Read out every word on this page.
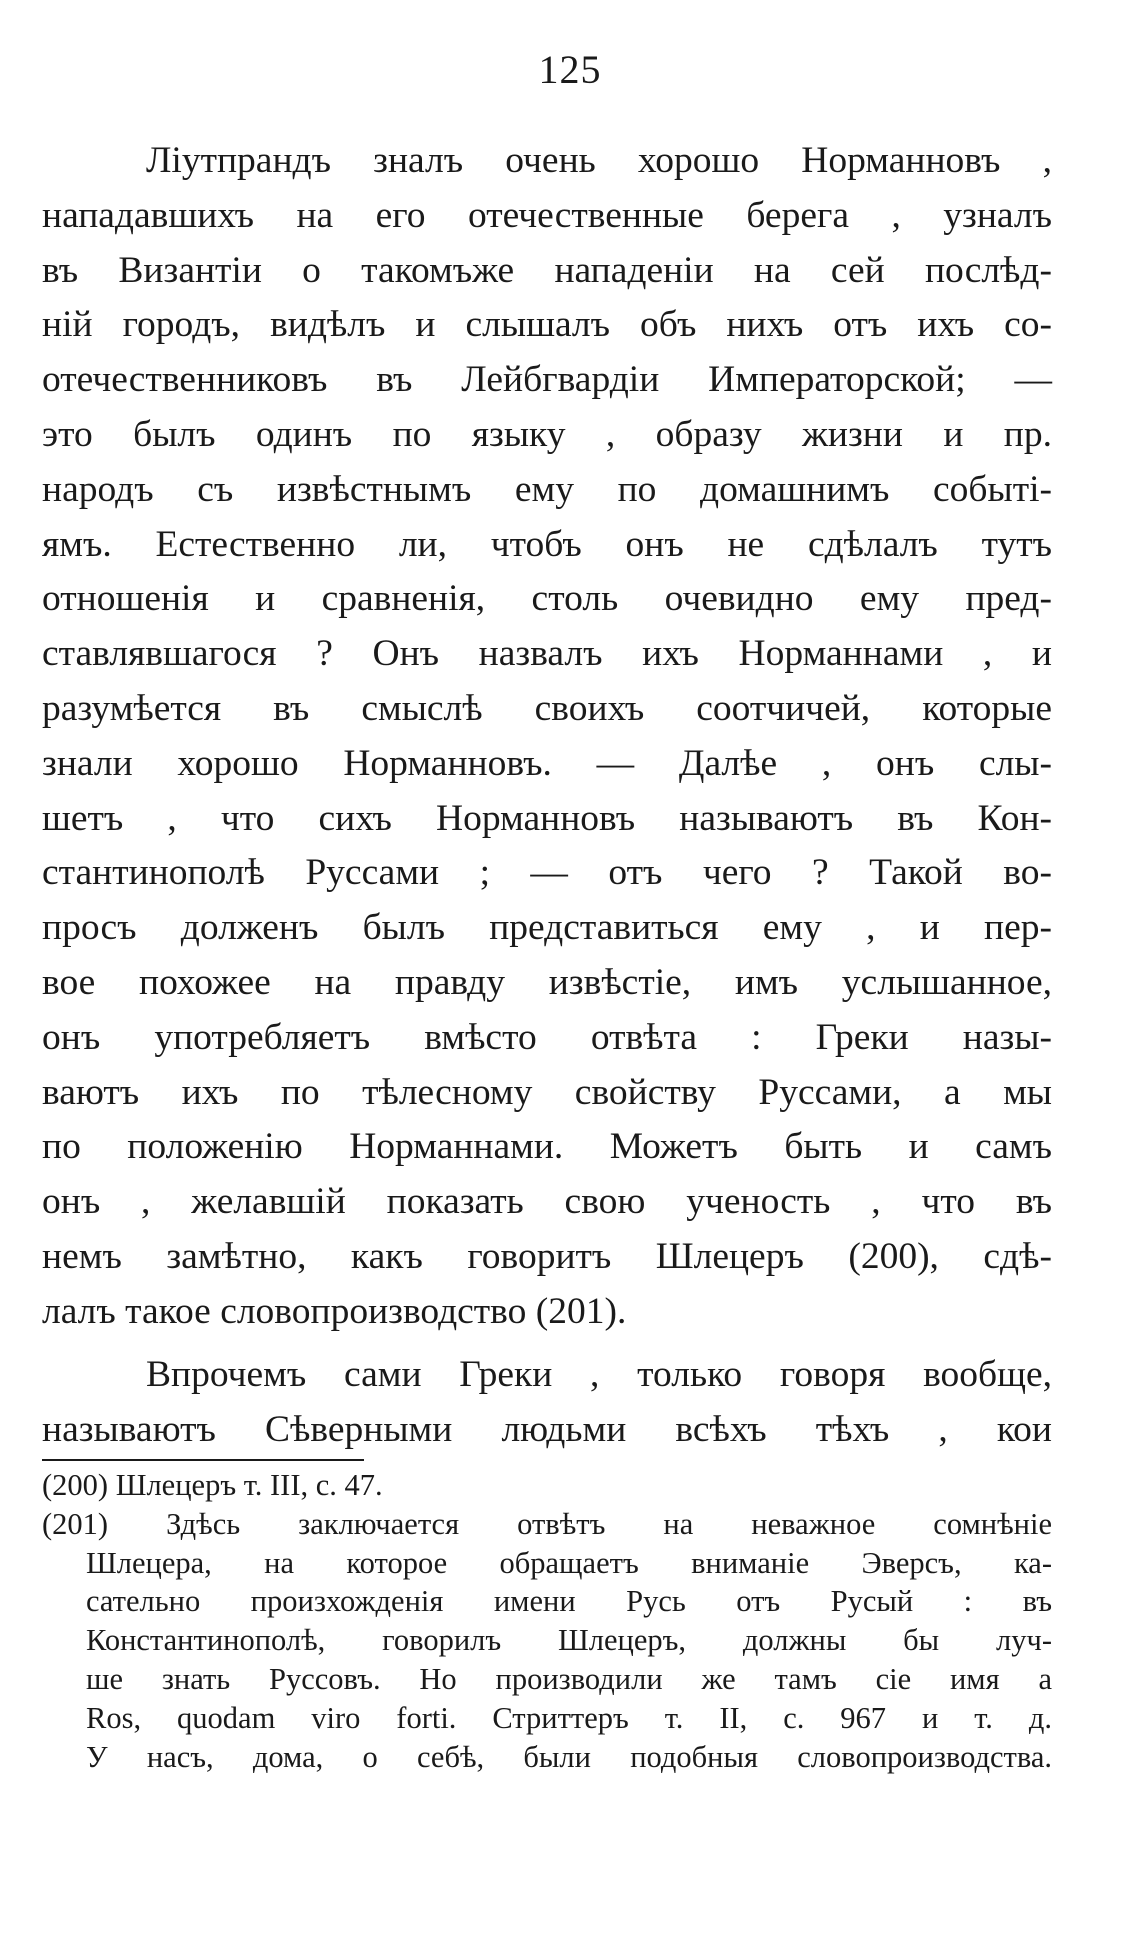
125
Ліутпрандъ зналъ очень хорошо Норманновъ ,
нападавшихъ на его отечественные берега , узналъ
въ Византіи о такомъже нападеніи на сей послѣд-
ній городъ, видѣлъ и слышалъ объ нихъ отъ ихъ со-
отечественниковъ въ Лейбгвардіи Императорской; —
это былъ одинъ по языку , образу жизни и пр.
народъ съ извѣстнымъ ему по домашнимъ событі-
ямъ. Естественно ли, чтобъ онъ не сдѣлалъ тутъ
отношенія и сравненія, столь очевидно ему пред-
ставлявшагося ? Онъ назвалъ ихъ Норманнами , и
разумѣется въ смыслѣ своихъ соотчичей, которые
знали хорошо Норманновъ. — Далѣе , онъ слы-
шетъ , что сихъ Норманновъ называютъ въ Кон-
стантинополѣ Руссами ; — отъ чего ? Такой во-
просъ долженъ былъ представиться ему , и пер-
вое похожее на правду извѣстіе, имъ услышанное,
онъ употребляетъ вмѣсто отвѣта : Греки назы-
ваютъ ихъ по тѣлесному свойству Руссами, а мы
по положенію Норманнами. Можетъ быть и самъ
онъ , желавшій показать свою ученость , что въ
немъ замѣтно, какъ говоритъ Шлецеръ (200), сдѣ-
лалъ такое словопроизводство (201).
Впрочемъ сами Греки , только говоря вообще,
называютъ Сѣверными людьми всѣхъ тѣхъ , кои
(200) Шлецеръ т. III, с. 47.
(201) Здѣсь заключается отвѣтъ на неважное сомнѣніе
Шлецера, на которое обращаетъ вниманіе Эверсъ, ка-
сательно произхожденія имени Русь отъ Русый : въ
Константинополѣ, говорилъ Шлецеръ, должны бы луч-
ше знать Руссовъ. Но производили же тамъ сіе имя а
Ros, quodam viro forti. Стриттеръ т. II, с. 967 и т. д.
У насъ, дома, о себѣ, были подобныя словопроизводства.
